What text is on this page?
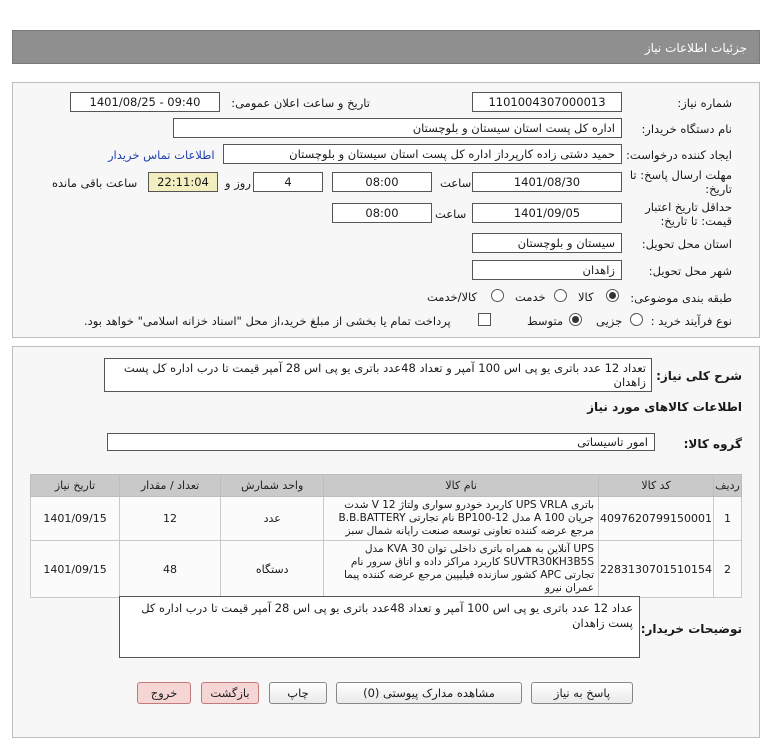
جزئیات اطلاعات نیاز
شماره نیاز:
1101004307000013
تاریخ و ساعت اعلان عمومی:
1401/08/25 - 09:40
نام دستگاه خریدار:
اداره کل پست استان سیستان و بلوچستان
ایجاد کننده درخواست:
حمید دشتی زاده کارپرداز اداره کل پست استان سیستان و بلوچستان
اطلاعات تماس خریدار
مهلت ارسال پاسخ: تا
تاریخ:
1401/08/30
ساعت
08:00
4
روز و
22:11:04
ساعت باقی مانده
حداقل تاریخ اعتبار
قیمت: تا تاریخ:
1401/09/05
ساعت
08:00
استان محل تحویل:
سیستان و بلوچستان
شهر محل تحویل:
زاهدان
طبقه بندی موضوعی:
کالا
خدمت
کالا/خدمت
نوع فرآیند خرید :
جزیی
متوسط
پرداخت تمام یا بخشی از مبلغ خرید،از محل "اسناد خزانه اسلامی" خواهد بود.
شرح کلی نیاز:
تعداد 12 عدد باتری یو پی اس 100 آمپر و تعداد 48عدد باتری یو پی اس 28 آمپر قیمت تا درب اداره کل پست زاهدان
اطلاعات کالاهای مورد نیاز
گروه کالا:
امور تاسیساتی
ردیف	کد کالا	نام کالا	واحد شمارش	تعداد / مقدار	تاریخ نیاز
1	4097620799150001	باتری UPS VRLA کاربرد خودرو سواری ولتاژ 12 V شدت جریان 100 A مدل BP100-12 نام تجارتی B.B.BATTERY مرجع عرضه کننده تعاونی توسعه صنعت رایانه شمال سبز	عدد	12	1401/09/15
2	2283130701510154	UPS آنلاین به همراه باتری داخلی توان 30 KVA مدل SUVTR30KH3B5S کاربرد مراکز داده و اتاق سرور نام تجارتی APC کشور سازنده فیلیپین مرجع عرضه کننده پیما عمران نیرو	دستگاه	48	1401/09/15
توضیحات خریدار:
عداد 12 عدد باتری یو پی اس 100 آمپر و تعداد 48عدد باتری یو پی اس 28 آمپر قیمت تا درب اداره کل پست زاهدان
پاسخ به نیاز
مشاهده مدارک پیوستی (0)
چاپ
بازگشت
خروج
